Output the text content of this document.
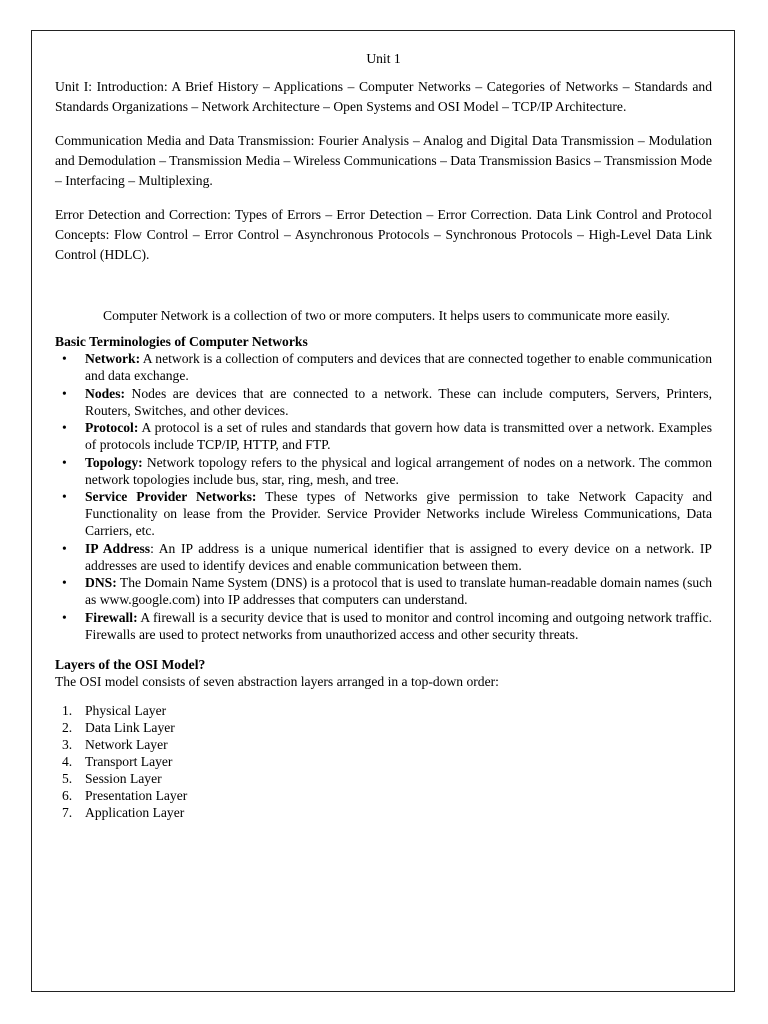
Unit 1

Unit I: Introduction: A Brief History – Applications – Computer Networks – Categories of Networks – Standards and Standards Organizations – Network Architecture – Open Systems and OSI Model – TCP/IP Architecture.

Communication Media and Data Transmission: Fourier Analysis – Analog and Digital Data Transmission – Modulation and Demodulation – Transmission Media – Wireless Communications – Data Transmission Basics – Transmission Mode – Interfacing – Multiplexing.

Error Detection and Correction: Types of Errors – Error Detection – Error Correction. Data Link Control and Protocol Concepts: Flow Control – Error Control – Asynchronous Protocols – Synchronous Protocols – High-Level Data Link Control (HDLC).

Computer Network is a collection of two or more computers. It helps users to communicate more easily.

Basic Terminologies of Computer Networks

• Network: A network is a collection of computers and devices that are connected together to enable communication and data exchange.
• Nodes: Nodes are devices that are connected to a network. These can include computers, Servers, Printers, Routers, Switches, and other devices.
• Protocol: A protocol is a set of rules and standards that govern how data is transmitted over a network. Examples of protocols include TCP/IP, HTTP, and FTP.
• Topology: Network topology refers to the physical and logical arrangement of nodes on a network. The common network topologies include bus, star, ring, mesh, and tree.
• Service Provider Networks: These types of Networks give permission to take Network Capacity and Functionality on lease from the Provider. Service Provider Networks include Wireless Communications, Data Carriers, etc.
• IP Address: An IP address is a unique numerical identifier that is assigned to every device on a network. IP addresses are used to identify devices and enable communication between them.
• DNS: The Domain Name System (DNS) is a protocol that is used to translate human-readable domain names (such as www.google.com) into IP addresses that computers can understand.
• Firewall: A firewall is a security device that is used to monitor and control incoming and outgoing network traffic. Firewalls are used to protect networks from unauthorized access and other security threats.

Layers of the OSI Model?

The OSI model consists of seven abstraction layers arranged in a top-down order:

1. Physical Layer
2. Data Link Layer
3. Network Layer
4. Transport Layer
5. Session Layer
6. Presentation Layer
7. Application Layer
